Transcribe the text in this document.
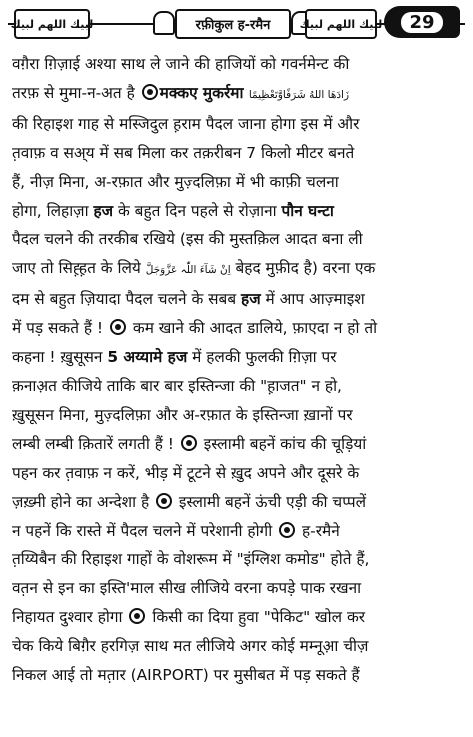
لبيك اللهم لبيك	रफ़ीकुल ह-रमैन	لبيك اللهم لبيك	29
वग़ैरा ग़िज़ाई अश्या साथ ले जाने की हाजियों को गवर्नमेन्ट की
तरफ़ से मुमा-न-अत है मक्कए मुकर्रमा زَادَهَا اللهُ شَرَفًاوَّتَعْظِيمًا
की रिहाइश गाह से मस्जिदुल ह़राम पैदल जाना होगा इस में और
त़वाफ़ व सअ्य में सब मिला कर तक़रीबन 7 किलो मीटर बनते
हैं, नीज़ मिना, अ-रफ़ात और मुज़्दलिफ़ा में भी काफ़ी चलना
होगा, लिहाज़ा हज के बहुत दिन पहले से रोज़ाना पौन घन्टा
पैदल चलने की तरकीब रखिये (इस की मुस्तक़िल आदत बना ली
जाए तो सिह़्ह़त के लिये اِنْ شَآءَ اللّٰہ عَزَّوَجَلَّ बेहद मुफ़ीद है) वरना एक
दम से बहुत ज़ियादा पैदल चलने के सबब हज में आप आज़्माइश
में पड़ सकते हैं !  कम खाने की आदत डालिये, फ़ाएदा न हो तो
कहना ! ख़ुसूसन 5 अय्यामे हज में हलकी फुलकी ग़िज़ा पर
क़नाअ़त कीजिये ताकि बार बार इस्तिन्जा की "ह़ाजत" न हो,
ख़ुसूसन मिना, मुज़्दलिफ़ा और अ-रफ़ात के इस्तिन्जा ख़ानों पर
लम्बी लम्बी क़ितारें लगती हैं !  इस्लामी बहनें कांच की चूड़ियां
पहन कर त़वाफ़ न करें, भीड़ में टूटने से ख़ुद अपने और दूसरे के
ज़ख़्मी होने का अन्देशा है  इस्लामी बहनें ऊंची एड़ी की चप्पलें
न पहनें कि रास्ते में पैदल चलने में परेशानी होगी  ह-रमैने
त़य्यिबैन की रिहाइश गाहों के वोशरूम में "इंग्लिश कमोड" होते हैं,
वत़न से इन का इस्ति'माल सीख लीजिये वरना कपड़े पाक रखना
निहायत दुश्वार होगा  किसी का दिया हुवा "पेकिट" खोल कर
चेक किये बिग़ैर हरगिज़ साथ मत लीजिये अगर कोई मम्नूअ़ा चीज़
निकल आई तो मत़ार (AIRPORT) पर मुसीबत में पड़ सकते हैं
